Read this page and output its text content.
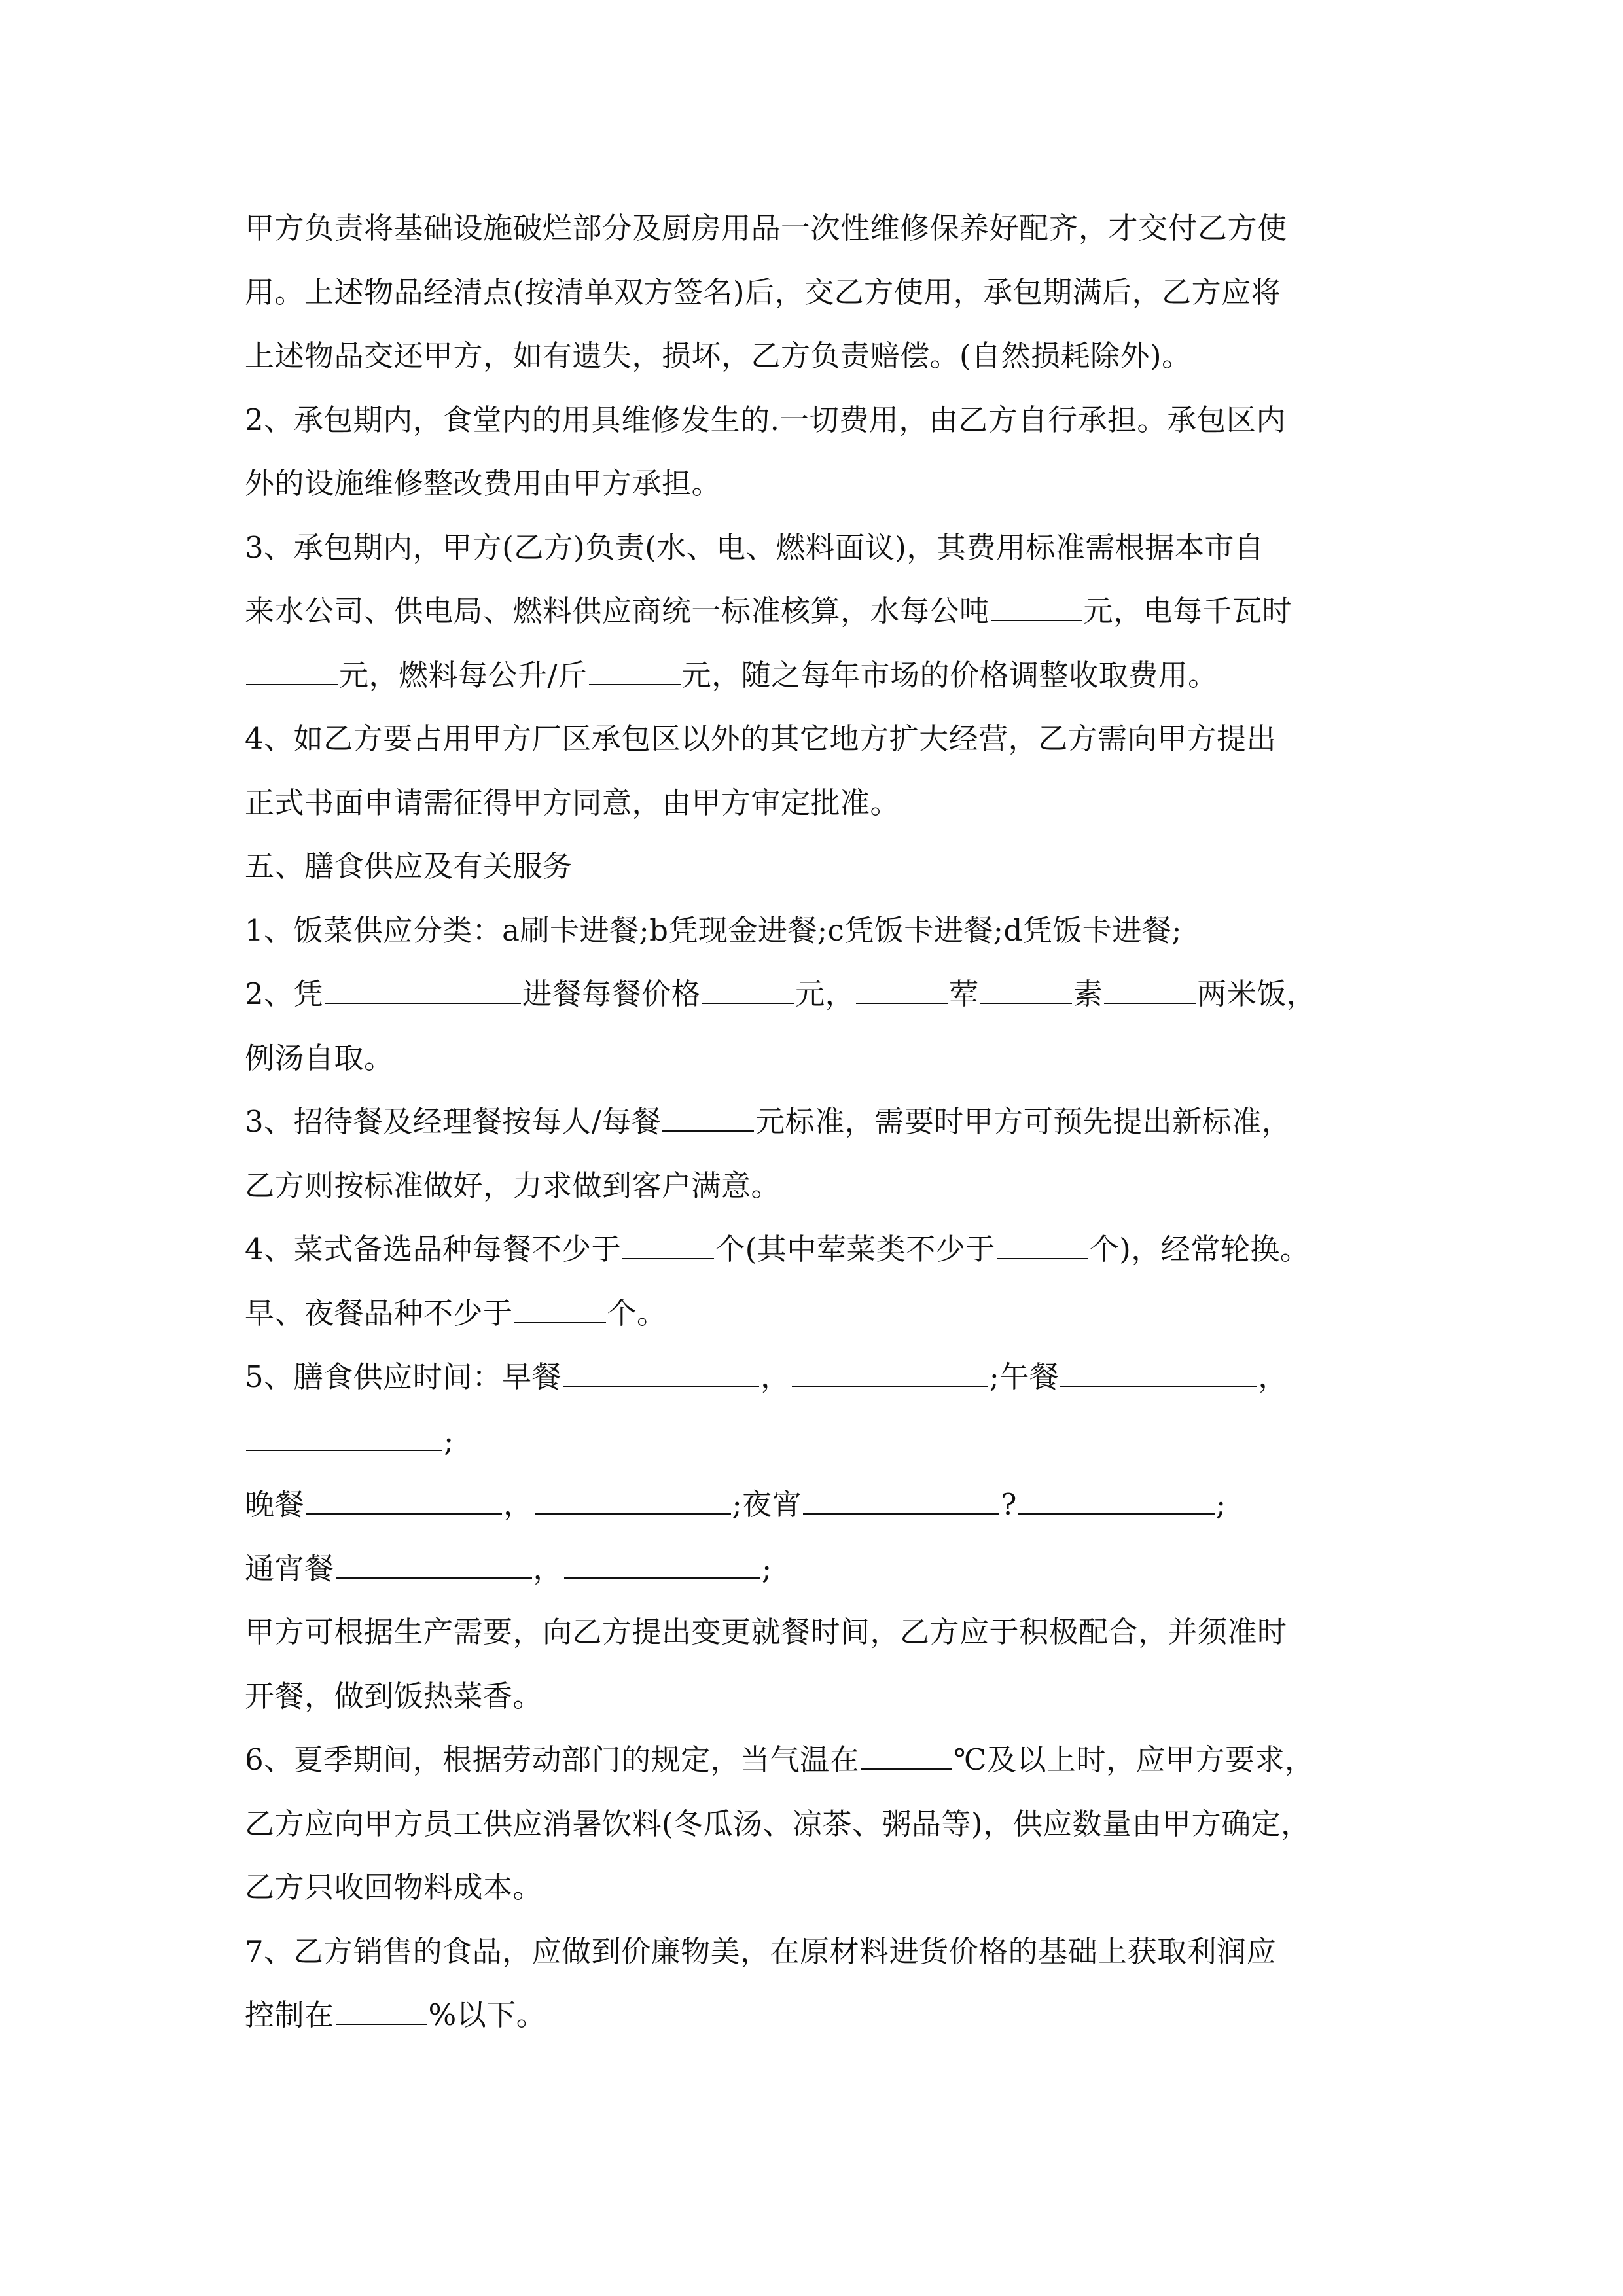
甲方负责将基础设施破烂部分及厨房用品一次性维修保养好配齐，才交付乙方使
用。上述物品经清点(按清单双方签名)后，交乙方使用，承包期满后，乙方应将
上述物品交还甲方，如有遗失，损坏，乙方负责赔偿。(自然损耗除外)。
2、承包期内，食堂内的用具维修发生的.一切费用，由乙方自行承担。承包区内
外的设施维修整改费用由甲方承担。
3、承包期内，甲方(乙方)负责(水、电、燃料面议)，其费用标准需根据本市自
来水公司、供电局、燃料供应商统一标准核算，水每公吨	元，电每千瓦时
元，燃料每公升/斤	元，随之每年市场的价格调整收取费用。
4、如乙方要占用甲方厂区承包区以外的其它地方扩大经营，乙方需向甲方提出
正式书面申请需征得甲方同意，由甲方审定批准。
五、膳食供应及有关服务
1、饭菜供应分类：a刷卡进餐;b凭现金进餐;c凭饭卡进餐;d凭饭卡进餐;
2、凭	进餐每餐价格	元，	荤	素	两米饭，
例汤自取。
3、招待餐及经理餐按每人/每餐	元标准，需要时甲方可预先提出新标准，
乙方则按标准做好，力求做到客户满意。
4、菜式备选品种每餐不少于	个(其中荤菜类不少于	个)，经常轮换。
早、夜餐品种不少于	个。
5、膳食供应时间：早餐	，	;午餐	，
;
晚餐	，	;夜宵	?	;
通宵餐	，	;
甲方可根据生产需要，向乙方提出变更就餐时间，乙方应于积极配合，并须准时
开餐，做到饭热菜香。
6、夏季期间，根据劳动部门的规定，当气温在	℃及以上时，应甲方要求，
乙方应向甲方员工供应消暑饮料(冬瓜汤、凉茶、粥品等)，供应数量由甲方确定，
乙方只收回物料成本。
7、乙方销售的食品，应做到价廉物美，在原材料进货价格的基础上获取利润应
控制在	%以下。
